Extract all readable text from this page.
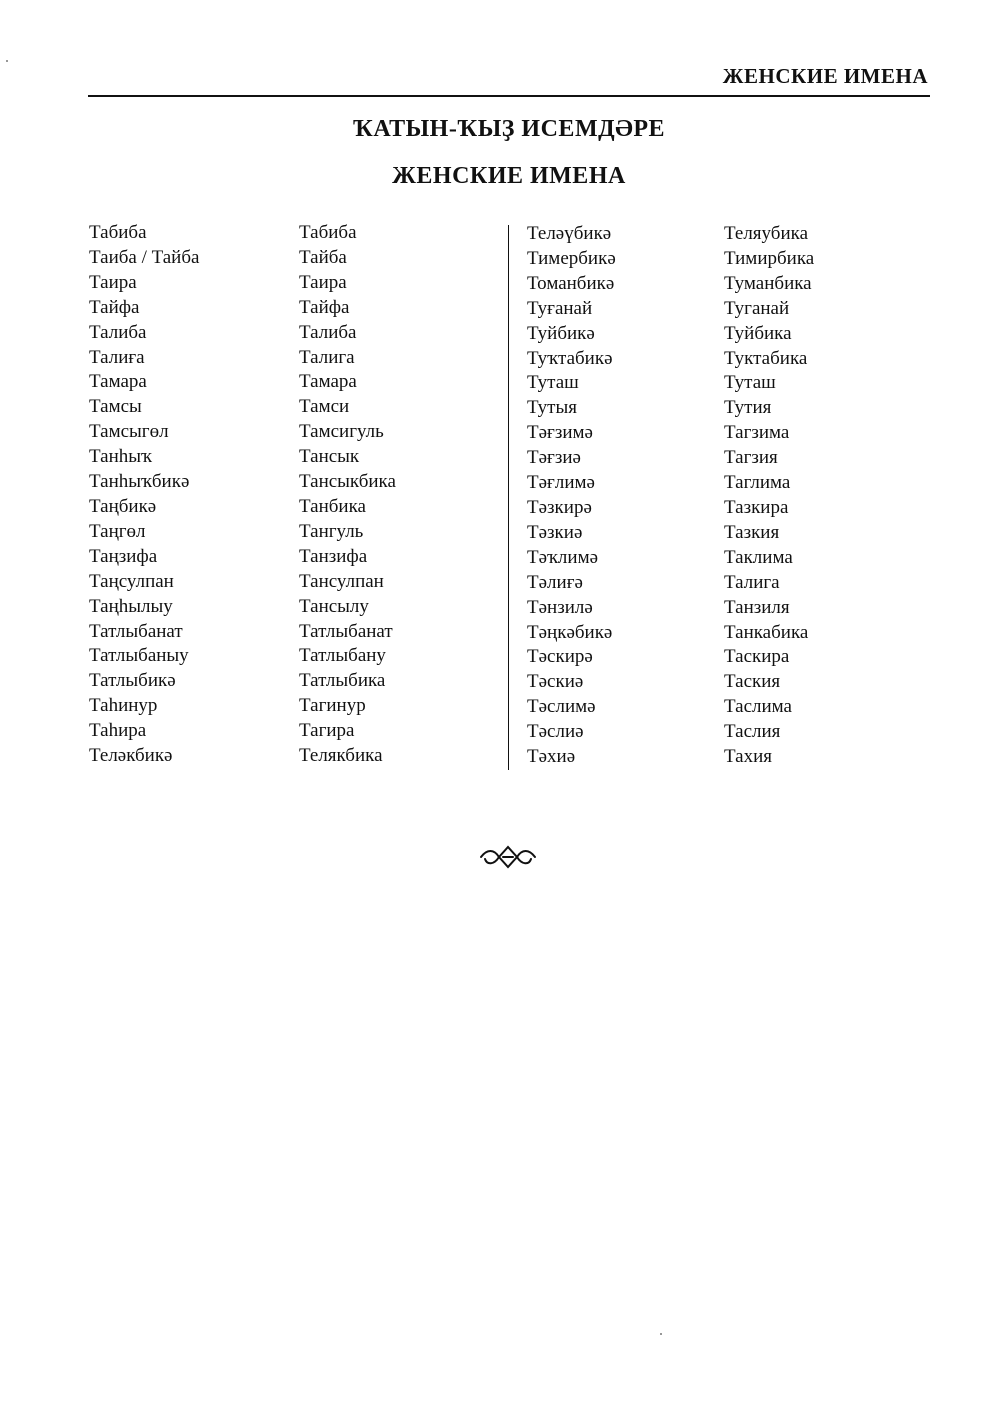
ЖЕНСКИЕ ИМЕНА
ҠАТЫН-ҠЫҘ ИСЕМДӘРЕ
ЖЕНСКИЕ ИМЕНА
Табиба
Таиба / Тайба
Таира
Тайфа
Талиба
Талиға
Тамара
Тамсы
Тамсыгөл
Танһыҡ
Танһыҡбикә
Таңбикә
Таңгөл
Таңзифа
Таңсулпан
Таңһылыу
Татлыбанат
Татлыбаныу
Татлыбикә
Таһинур
Таһира
Теләкбикә
Табиба
Тайба
Таира
Тайфа
Талиба
Талига
Тамара
Тамси
Тамсигуль
Тансык
Тансыкбика
Танбика
Тангуль
Танзифа
Тансулпан
Тансылу
Татлыбанат
Татлыбану
Татлыбика
Тагинур
Тагира
Телякбика
Теләүбикә
Тимербикә
Томанбикә
Туғанай
Туйбикә
Туҡтабикә
Туташ
Тутыя
Тәғзимә
Тәғзиә
Тәғлимә
Тәзкирә
Тәзкиә
Тәҡлимә
Тәлиғә
Тәнзилә
Тәңкәбикә
Тәскирә
Тәскиә
Тәслимә
Тәслиә
Тәхиә
Теляубика
Тимирбика
Туманбика
Туганай
Туйбика
Туктабика
Туташ
Тутия
Тагзима
Тагзия
Таглима
Тазкира
Тазкия
Таклима
Талига
Танзиля
Танкабика
Таскира
Таския
Таслима
Таслия
Тахия
